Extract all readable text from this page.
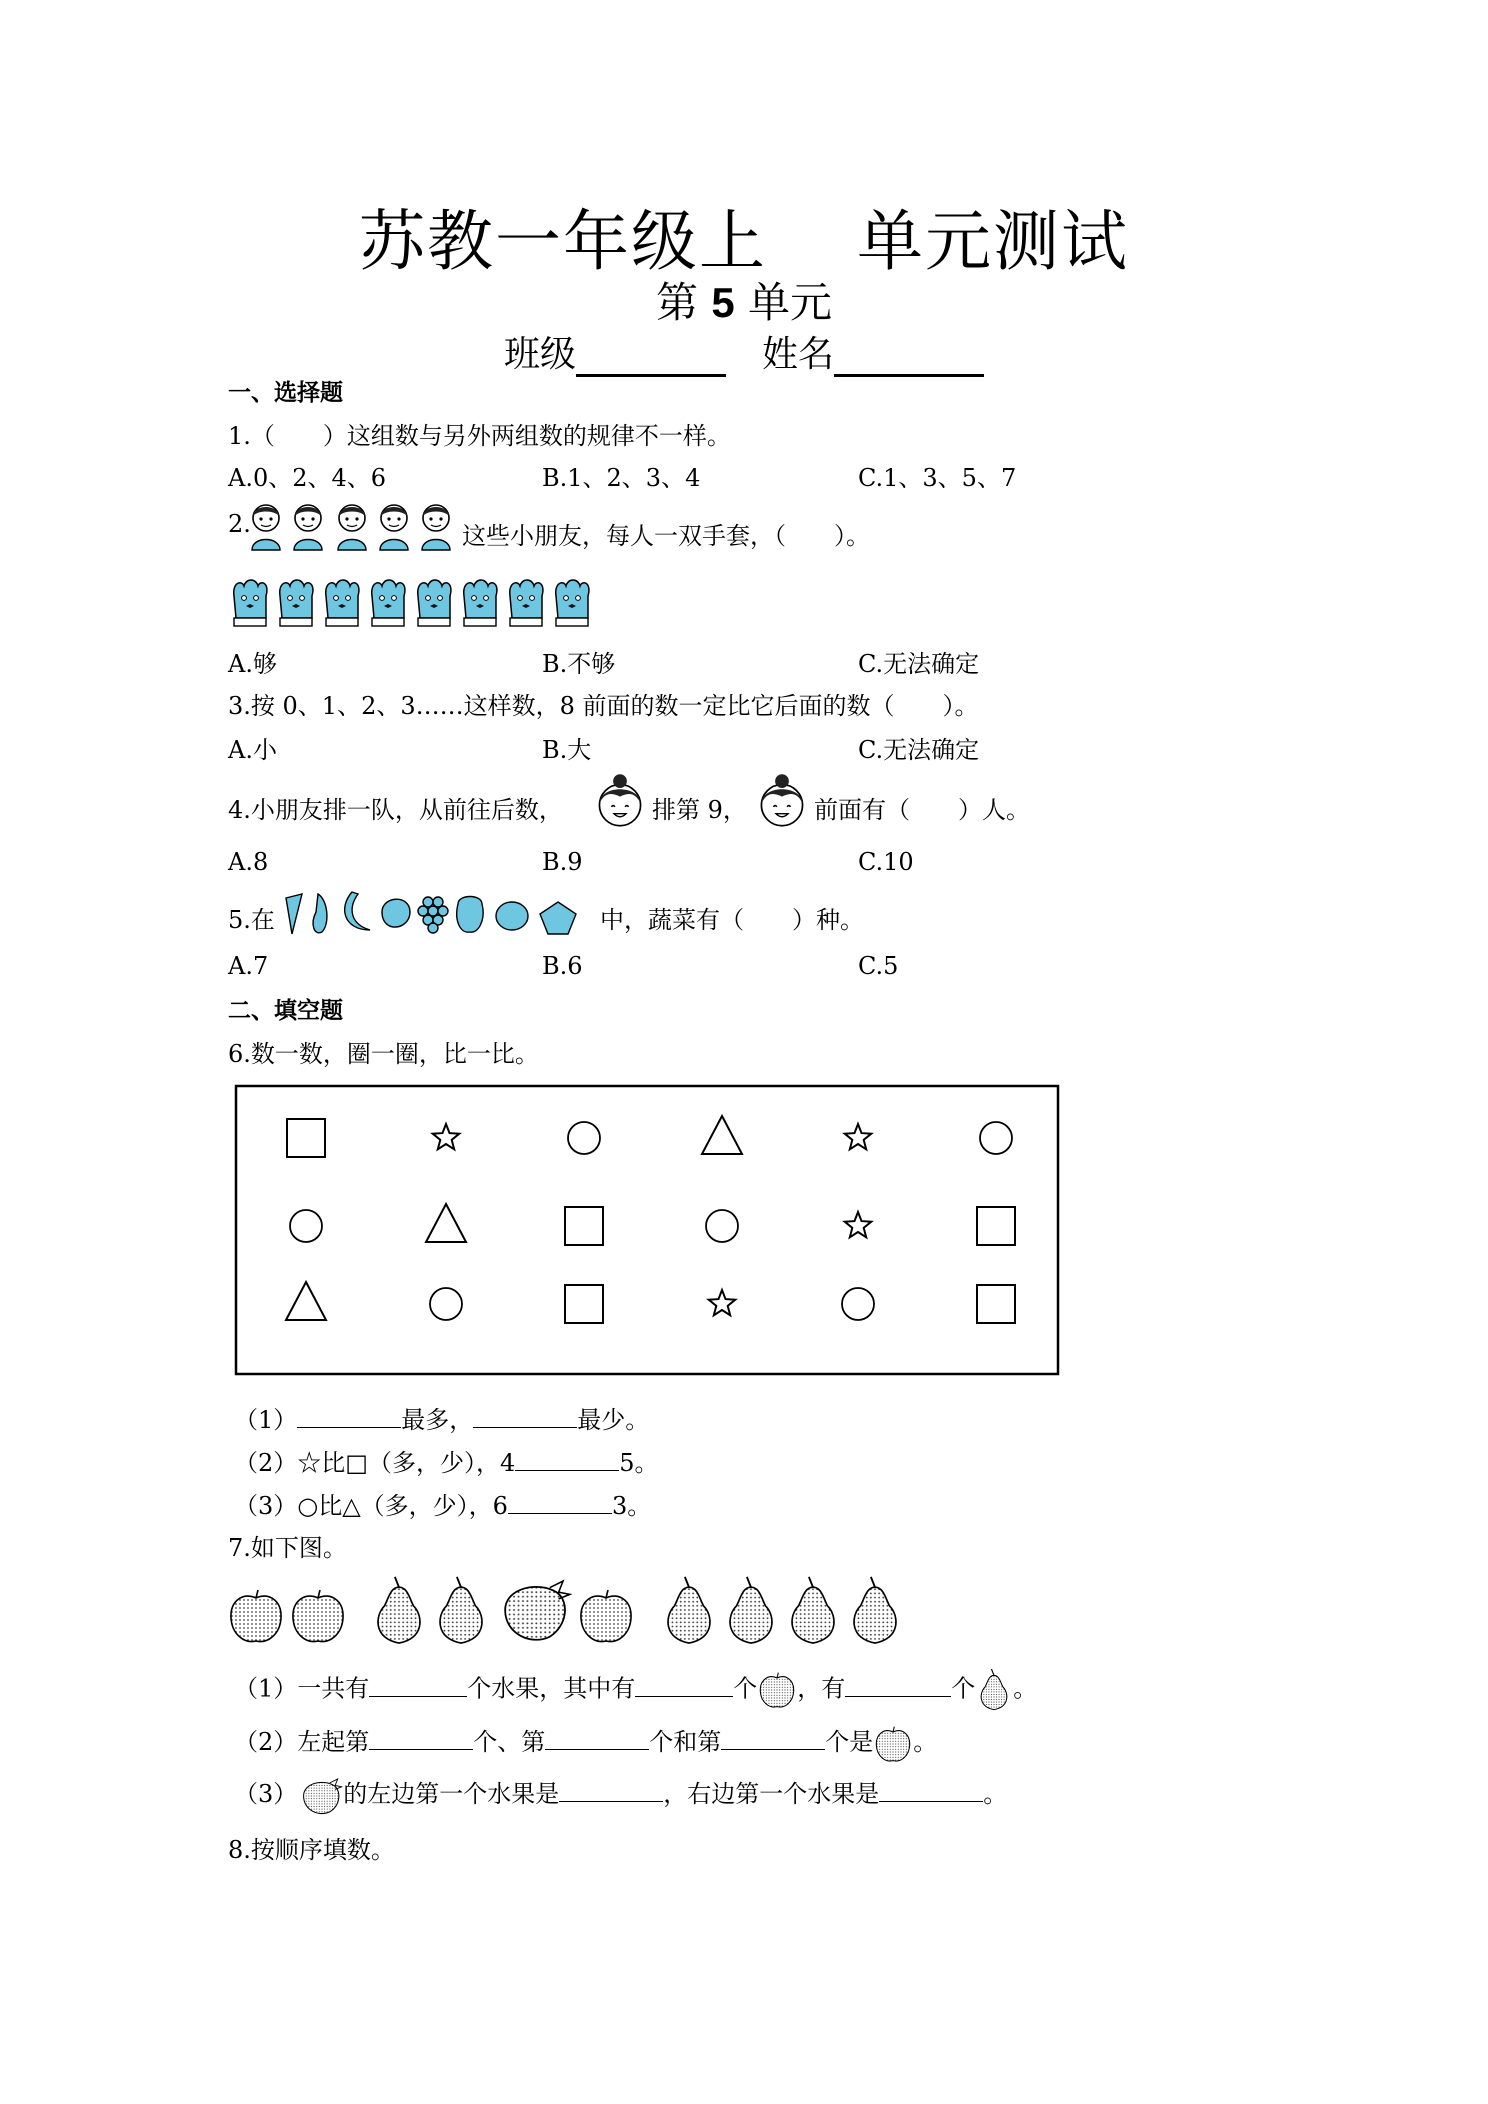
苏教一年级上 单元测试
第 5 单元
班级	姓名
一、选择题
1.（　　）这组数与另外两组数的规律不一样。
A.0、2、4、6	B.1、2、3、4	C.1、3、5、7
2.	这些小朋友，每人一双手套，（　　）。
A.够	B.不够	C.无法确定
3.按 0、1、2、3……这样数，8 前面的数一定比它后面的数（　　）。
A.小	B.大	C.无法确定
4.小朋友排一队，从前往后数，	排第 9，	前面有（　　）人。
A.8	B.9	C.10
5.在	中，蔬菜有（　　）种。
A.7	B.6	C.5
二、填空题
6.数一数，圈一圈，比一比。
（1）	最多，	最少。
（2）☆比□（多，少），4	5。
（3）○比△（多，少），6	3。
7.如下图。
（1）一共有	个水果，其中有	个 ，有	个 。
（2）左起第	个、第	个和第	个是 。
（3） 的左边第一个水果是	，右边第一个水果是	。
8.按顺序填数。
